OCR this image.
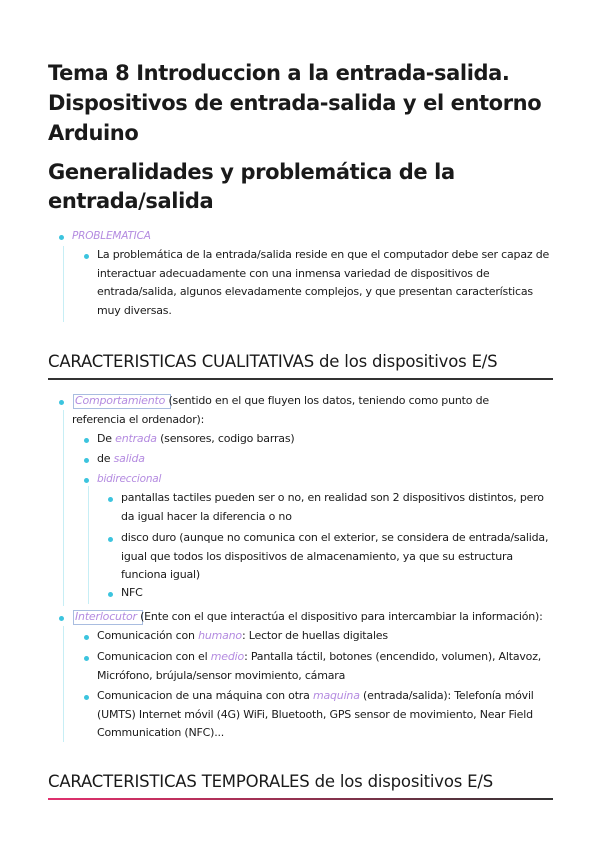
Tema 8 Introduccion a la entrada-salida.
Dispositivos de entrada-salida y el entorno
Arduino
Generalidades y problemática de la
entrada/salida
PROBLEMATICA
La problemática de la entrada/salida reside en que el computador debe ser capaz de
interactuar adecuadamente con una inmensa variedad de dispositivos de
entrada/salida, algunos elevadamente complejos, y que presentan características
muy diversas.
CARACTERISTICAS CUALITATIVAS de los dispositivos E/S
Comportamiento (sentido en el que fluyen los datos, teniendo como punto de
referencia el ordenador):
De entrada (sensores, codigo barras)
de salida
bidireccional
pantallas tactiles pueden ser o no, en realidad son 2 dispositivos distintos, pero
da igual hacer la diferencia o no
disco duro (aunque no comunica con el exterior, se considera de entrada/salida,
igual que todos los dispositivos de almacenamiento, ya que su estructura
funciona igual)
NFC
Interlocutor (Ente con el que interactúa el dispositivo para intercambiar la información):
Comunicación con humano: Lector de huellas digitales
Comunicacion con el medio: Pantalla táctil, botones (encendido, volumen), Altavoz,
Micrófono, brújula/sensor movimiento, cámara
Comunicacion de una máquina con otra maquina (entrada/salida): Telefonía móvil
(UMTS) Internet móvil (4G) WiFi, Bluetooth, GPS sensor de movimiento, Near Field
Communication (NFC)...
CARACTERISTICAS TEMPORALES de los dispositivos E/S
